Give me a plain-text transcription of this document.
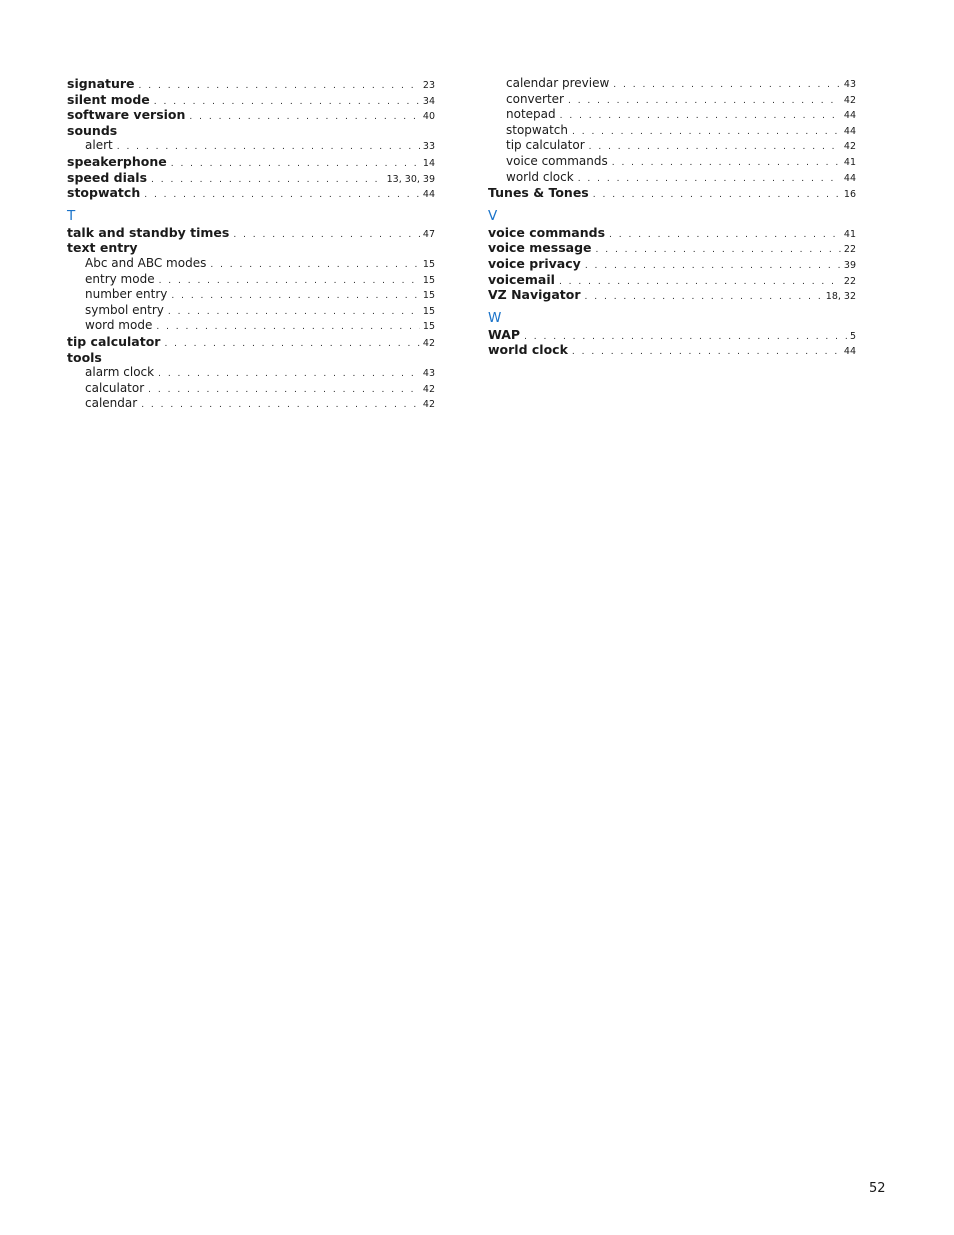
signature . . .	23
silent mode . . .	34
software version . . .	40
sounds
alert . . .	33
speakerphone . . .	14
speed dials . . .	13, 30, 39
stopwatch . . .	44
T
talk and standby times . . .	47
text entry
Abc and ABC modes . . .	15
entry mode . . .	15
number entry . . .	15
symbol entry . . .	15
word mode . . .	15
tip calculator . . .	42
tools
alarm clock . . .	43
calculator . . .	42
calendar . . .	42
calendar preview . . .	43
converter . . .	42
notepad . . .	44
stopwatch . . .	44
tip calculator . . .	42
voice commands . . .	41
world clock . . .	44
Tunes & Tones . . .	16
V
voice commands . . .	41
voice message . . .	22
voice privacy . . .	39
voicemail . . .	22
VZ Navigator . . .	18, 32
W
WAP . . .	5
world clock . . .	44
52
